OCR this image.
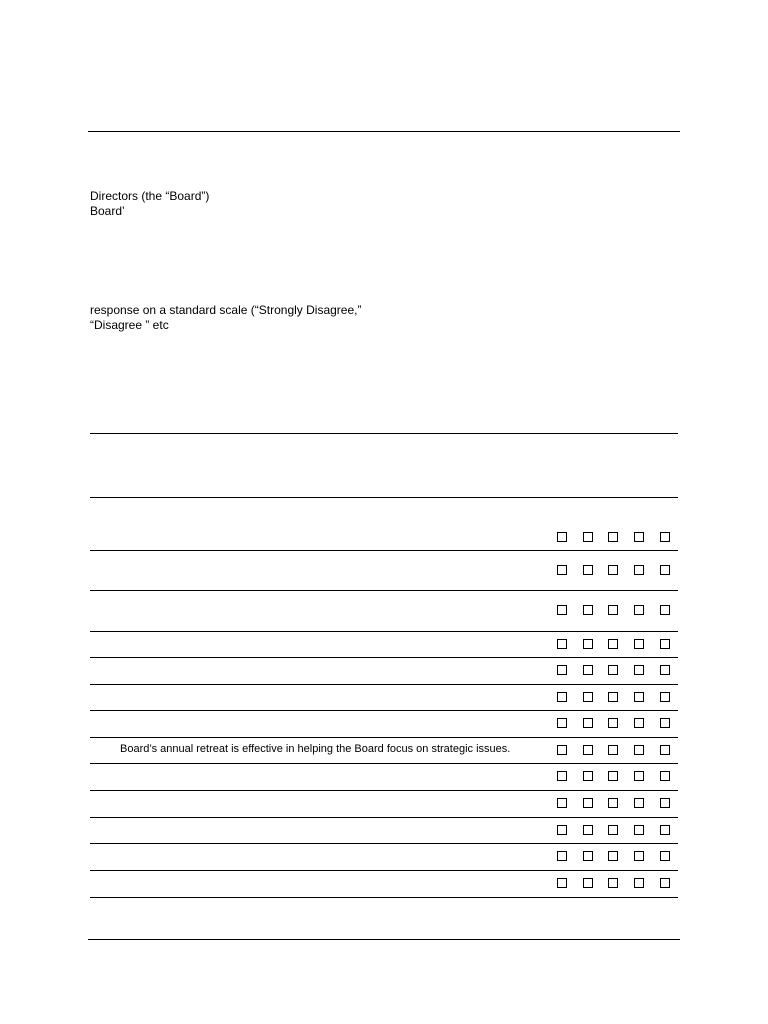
Directors (the “Board”)
Board’
response on a standard scale (“Strongly Disagree,”
“Disagree ” etc
Board’s annual retreat is effective in helping the Board focus on strategic issues.
